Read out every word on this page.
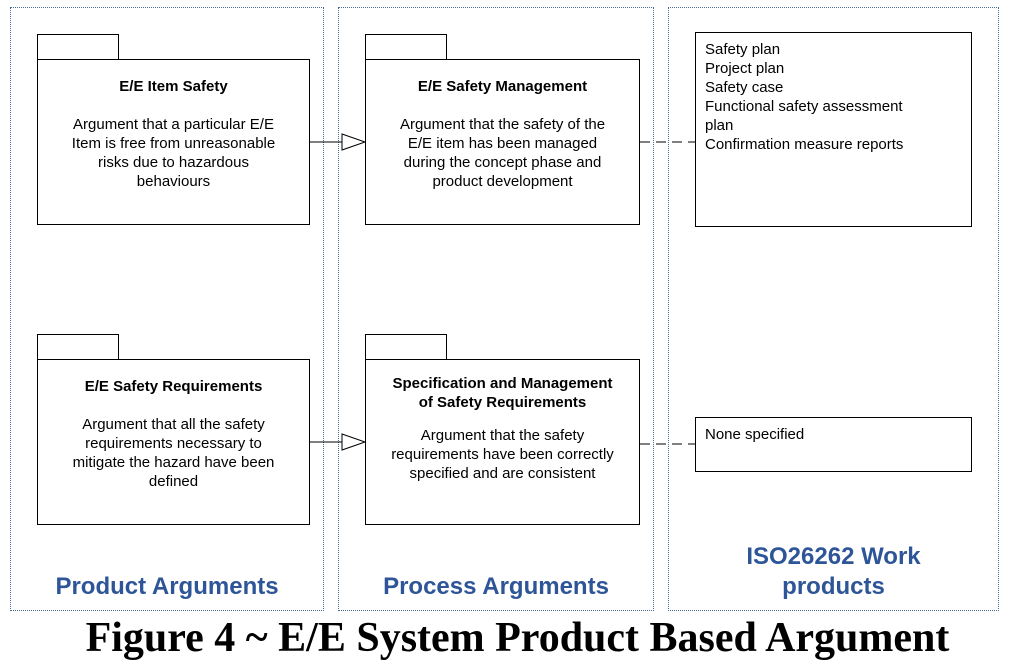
Product Arguments	Process Arguments
ISO26262 Work
products
E/E Item Safety
Argument that a particular E/E
Item is free from unreasonable
risks due to hazardous
behaviours
E/E Safety Management
Argument that the safety of the
E/E item has been managed
during the concept phase and
product development
E/E Safety Requirements
Argument that all the safety
requirements necessary to
mitigate the hazard have been
defined
Specification and Management
of Safety Requirements
Argument that the safety
requirements have been correctly
specified and are consistent
Safety plan
Project plan
Safety case
Functional safety assessment
plan
Confirmation measure reports
None specified
Figure 4 ~ E/E System Product Based Argument
